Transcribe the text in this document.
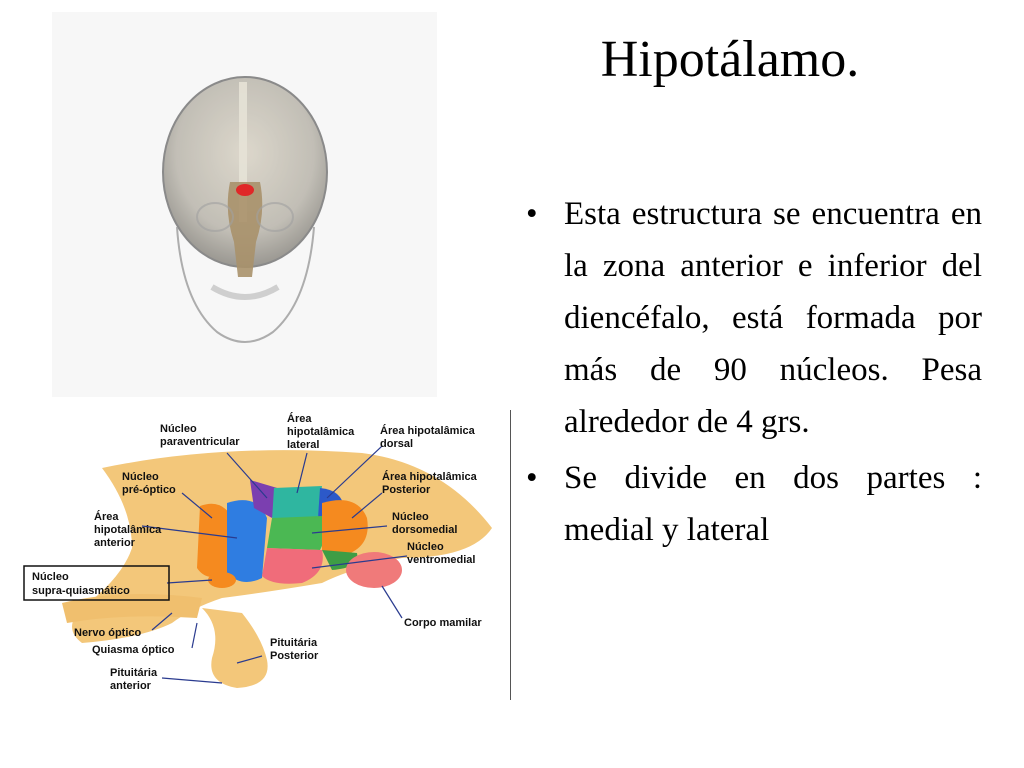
Hipotálamo.
• Esta estructura se encuentra en la zona anterior e inferior del diencéfalo, está formada por más de 90 núcleos. Pesa alrededor de 4 grs.
• Se divide en dos partes : medial y lateral
Núcleo paraventricular
Área hipotalâmica lateral
Área hipotalâmica dorsal
Núcleo pré-óptico
Área hipotalâmica Posterior
Área hipotalâmica anterior
Núcleo dorsomedial
Núcleo ventromedial
Núcleo supra-quiasmático
Corpo mamilar
Nervo óptico
Quiasma óptico
Pituitária Posterior
Pituitária anterior
